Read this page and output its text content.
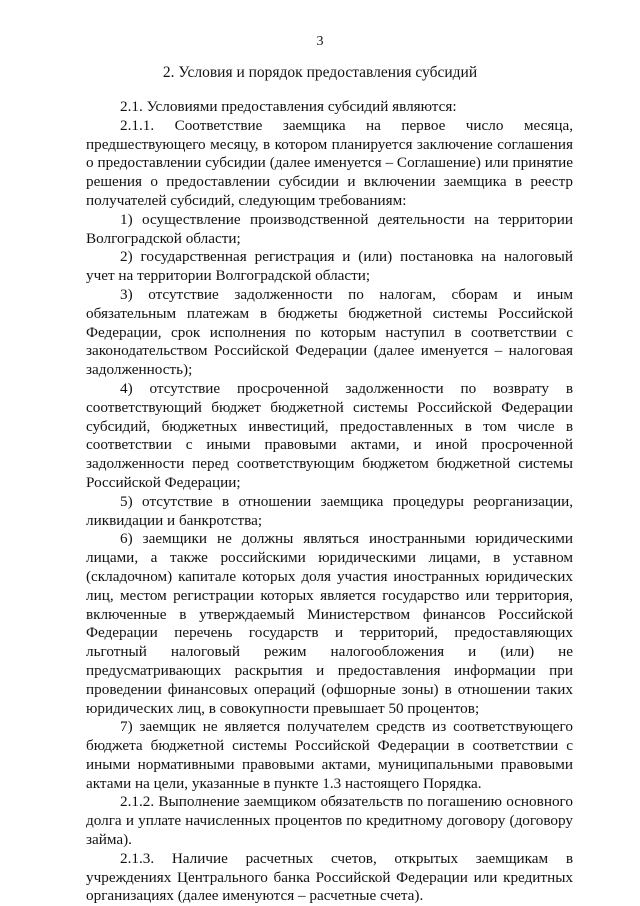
3
2. Условия и порядок предоставления субсидий

2.1. Условиями предоставления субсидий являются:

2.1.1. Соответствие заемщика на первое число месяца, предшествующего месяцу, в котором планируется заключение соглашения о предоставлении субсидии (далее именуется – Соглашение) или принятие решения о предоставлении субсидии и включении заемщика в реестр получателей субсидий, следующим требованиям:

1) осуществление производственной деятельности на территории Волгоградской области;

2) государственная регистрация и (или) постановка на налоговый учет на территории Волгоградской области;

3) отсутствие задолженности по налогам, сборам и иным обязательным платежам в бюджеты бюджетной системы Российской Федерации, срок исполнения по которым наступил в соответствии с законодательством Российской Федерации (далее именуется – налоговая задолженность);

4) отсутствие просроченной задолженности по возврату в соответствующий бюджет бюджетной системы Российской Федерации субсидий, бюджетных инвестиций, предоставленных в том числе в соответствии с иными правовыми актами, и иной просроченной задолженности перед соответствующим бюджетом бюджетной системы Российской Федерации;

5) отсутствие в отношении заемщика процедуры реорганизации, ликвидации и банкротства;

6) заемщики не должны являться иностранными юридическими лицами, а также российскими юридическими лицами, в уставном (складочном) капитале которых доля участия иностранных юридических лиц, местом регистрации которых является государство или территория, включенные в утверждаемый Министерством финансов Российской Федерации перечень государств и территорий, предоставляющих льготный налоговый режим налогообложения и (или) не предусматривающих раскрытия и предоставления информации при проведении финансовых операций (офшорные зоны) в отношении таких юридических лиц, в совокупности превышает 50 процентов;

7) заемщик не является получателем средств из соответствующего бюджета бюджетной системы Российской Федерации в соответствии с иными нормативными правовыми актами, муниципальными правовыми актами на цели, указанные в пункте 1.3 настоящего Порядка.

2.1.2. Выполнение заемщиком обязательств по погашению основного долга и уплате начисленных процентов по кредитному договору (договору займа).

2.1.3. Наличие расчетных счетов, открытых заемщикам в учреждениях Центрального банка Российской Федерации или кредитных организациях (далее именуются – расчетные счета).
